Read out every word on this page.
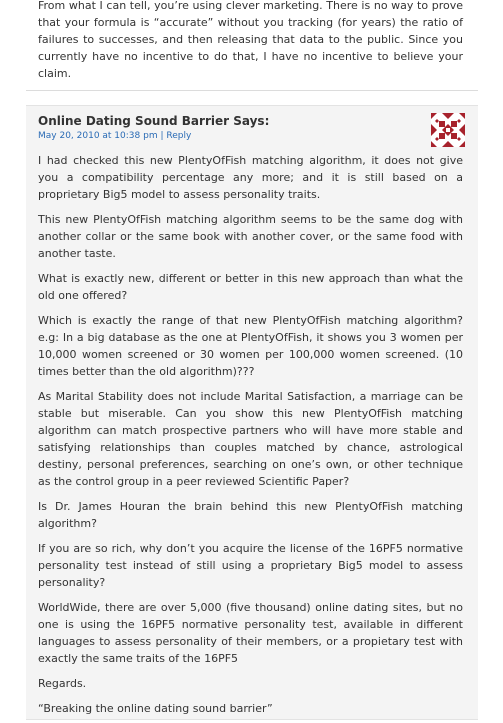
From what I can tell, you’re using clever marketing. There is no way to prove that your formula is “accurate” without you tracking (for years) the ratio of failures to successes, and then releasing that data to the public. Since you currently have no incentive to do that, I have no incentive to believe your claim.
Online Dating Sound Barrier Says:
May 20, 2010 at 10:38 pm | Reply

I had checked this new PlentyOfFish matching algorithm, it does not give you a compatibility percentage any more; and it is still based on a proprietary Big5 model to assess personality traits.

This new PlentyOfFish matching algorithm seems to be the same dog with another collar or the same book with another cover, or the same food with another taste.

What is exactly new, different or better in this new approach than what the old one offered?

Which is exactly the range of that new PlentyOfFish matching algorithm? e.g: In a big database as the one at PlentyOfFish, it shows you 3 women per 10,000 women screened or 30 women per 100,000 women screened. (10 times better than the old algorithm)???

As Marital Stability does not include Marital Satisfaction, a marriage can be stable but miserable. Can you show this new PlentyOfFish matching algorithm can match prospective partners who will have more stable and satisfying relationships than couples matched by chance, astrological destiny, personal preferences, searching on one’s own, or other technique as the control group in a peer reviewed Scientific Paper?

Is Dr. James Houran the brain behind this new PlentyOfFish matching algorithm?

If you are so rich, why don’t you acquire the license of the 16PF5 normative personality test instead of still using a proprietary Big5 model to assess personality?

WorldWide, there are over 5,000 (five thousand) online dating sites, but no one is using the 16PF5 normative personality test, available in different languages to assess personality of their members, or a propietary test with exactly the same traits of the 16PF5

Regards.

“Breaking the online dating sound barrier”
